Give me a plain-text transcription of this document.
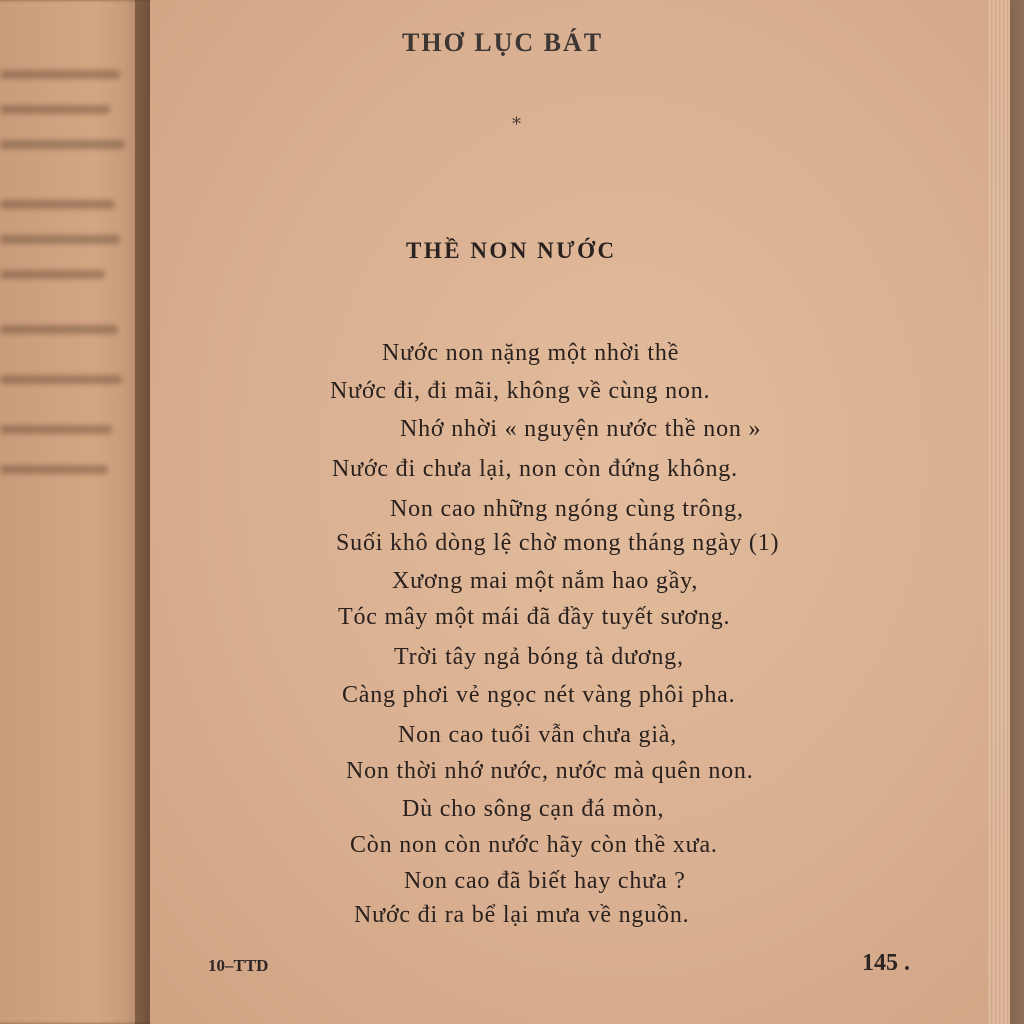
THƠ LỤC BÁT
*
THỀ NON NƯỚC
Nước non nặng một nhời thề
Nước đi, đi mãi, không về cùng non.
Nhớ nhời « nguyện nước thề non »
Nước đi chưa lại, non còn đứng không.
Non cao những ngóng cùng trông,
Suối khô dòng lệ chờ mong tháng ngày (1)
Xương mai một nắm hao gầy,
Tóc mây một mái đã đầy tuyết sương.
Trời tây ngả bóng tà dương,
Càng phơi vẻ ngọc nét vàng phôi pha.
Non cao tuổi vẫn chưa già,
Non thời nhớ nước, nước mà quên non.
Dù cho sông cạn đá mòn,
Còn non còn nước hãy còn thề xưa.
Non cao đã biết hay chưa ?
Nước đi ra bể lại mưa về nguồn.
10–TTD	145 .
